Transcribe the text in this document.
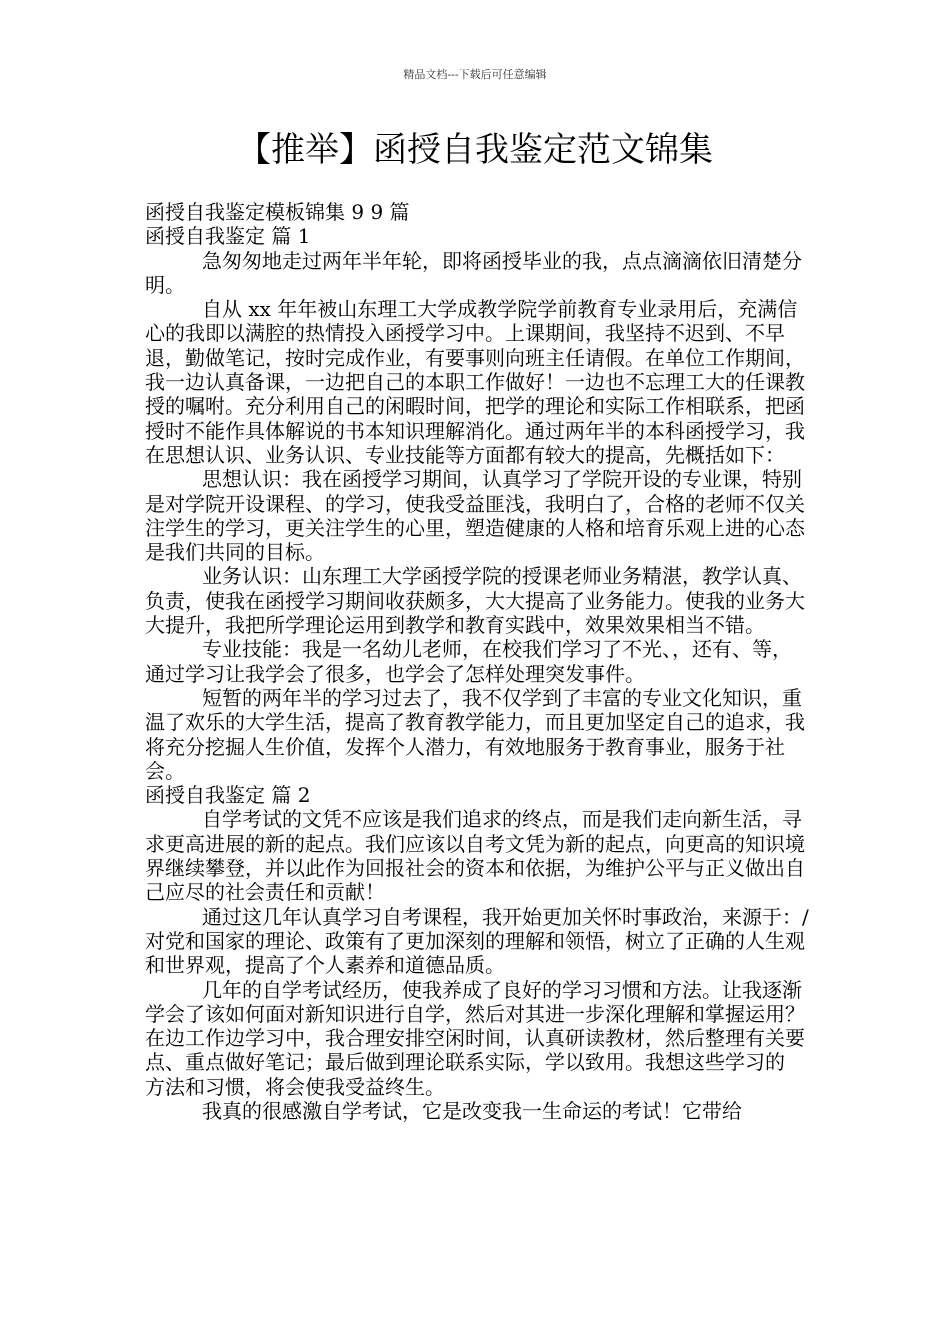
精品文档---下载后可任意编辑
【推举】函授自我鉴定范文锦集

函授自我鉴定模板锦集 9 9 篇

函授自我鉴定 篇 1

急匆匆地走过两年半年轮，即将函授毕业的我，点点滴滴依旧清楚分明。

自从 xx 年年被山东理工大学成教学院学前教育专业录用后，充满信心的我即以满腔的热情投入函授学习中。上课期间，我坚持不迟到、不早退，勤做笔记，按时完成作业，有要事则向班主任请假。在单位工作期间，我一边认真备课，一边把自己的本职工作做好！一边也不忘理工大的任课教授的嘱咐。充分利用自己的闲暇时间，把学的理论和实际工作相联系，把函授时不能作具体解说的书本知识理解消化。通过两年半的本科函授学习，我在思想认识、业务认识、专业技能等方面都有较大的提高，先概括如下：

思想认识：我在函授学习期间，认真学习了学院开设的专业课，特别是对学院开设课程、的学习，使我受益匪浅，我明白了，合格的老师不仅关注学生的学习，更关注学生的心里，塑造健康的人格和培育乐观上进的心态是我们共同的目标。

业务认识：山东理工大学函授学院的授课老师业务精湛，教学认真、负责，使我在函授学习期间收获颇多，大大提高了业务能力。使我的业务大大提升，我把所学理论运用到教学和教育实践中，效果效果相当不错。

专业技能：我是一名幼儿老师，在校我们学习了不光、，还有、等，通过学习让我学会了很多，也学会了怎样处理突发事件。

短暂的两年半的学习过去了，我不仅学到了丰富的专业文化知识，重温了欢乐的大学生活，提高了教育教学能力，而且更加坚定自己的追求，我将充分挖掘人生价值，发挥个人潜力，有效地服务于教育事业，服务于社会。

函授自我鉴定 篇 2

自学考试的文凭不应该是我们追求的终点，而是我们走向新生活，寻求更高进展的新的起点。我们应该以自考文凭为新的起点，向更高的知识境界继续攀登，并以此作为回报社会的资本和依据，为维护公平与正义做出自己应尽的社会责任和贡献！

通过这几年认真学习自考课程，我开始更加关怀时事政治，来源于：/对党和国家的理论、政策有了更加深刻的理解和领悟，树立了正确的人生观和世界观，提高了个人素养和道德品质。

几年的自学考试经历，使我养成了良好的学习习惯和方法。让我逐渐学会了该如何面对新知识进行自学，然后对其进一步深化理解和掌握运用？在边工作边学习中，我合理安排空闲时间，认真研读教材，然后整理有关要点、重点做好笔记；最后做到理论联系实际，学以致用。我想这些学习的

方法和习惯，将会使我受益终生。

我真的很感激自学考试，它是改变我一生命运的考试！它带给
